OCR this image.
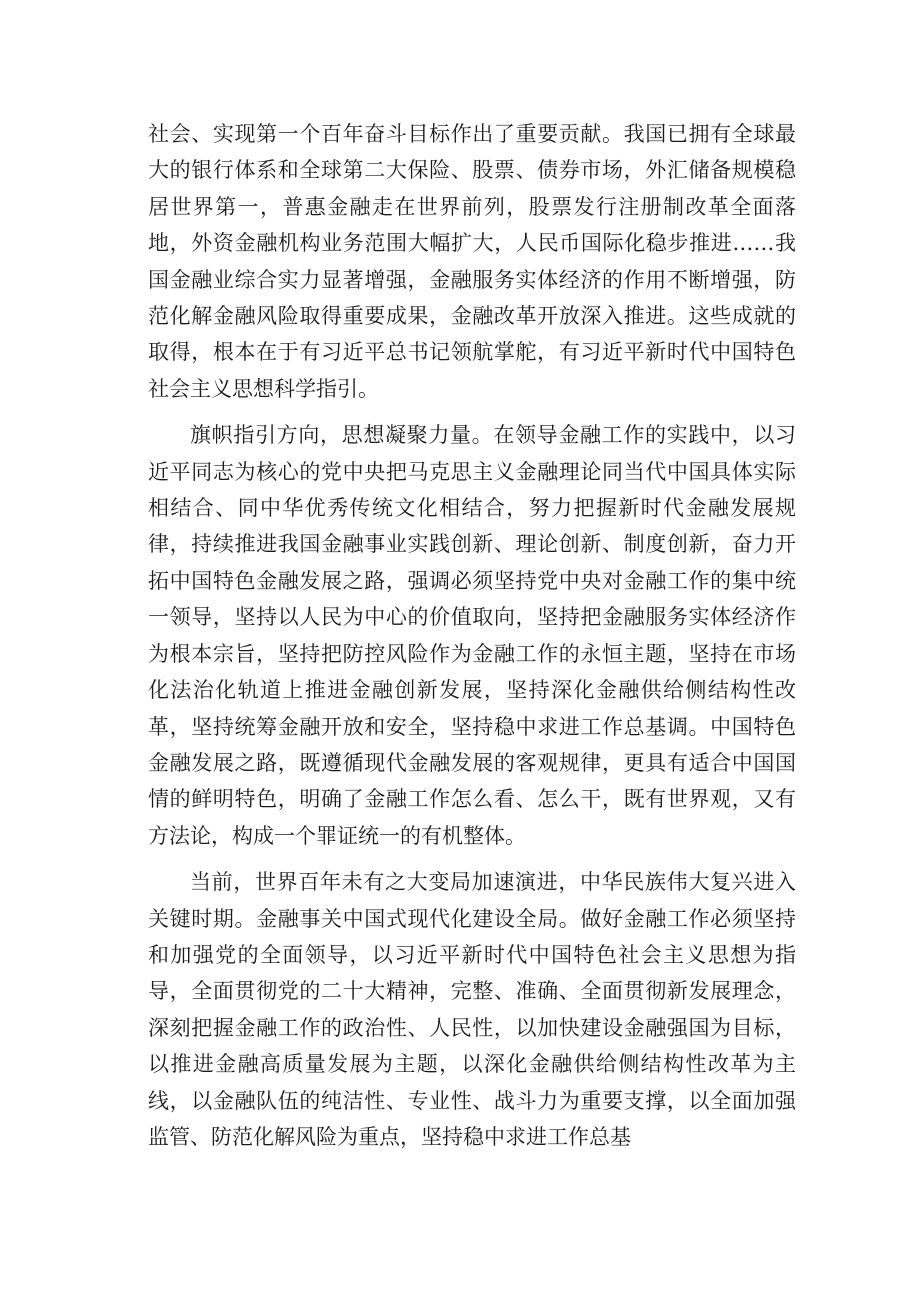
社会、实现第一个百年奋斗目标作出了重要贡献。我国已拥有全球最大的银行体系和全球第二大保险、股票、债券市场，外汇储备规模稳居世界第一，普惠金融走在世界前列，股票发行注册制改革全面落地，外资金融机构业务范围大幅扩大，人民币国际化稳步推进……我国金融业综合实力显著增强，金融服务实体经济的作用不断增强，防范化解金融风险取得重要成果，金融改革开放深入推进。这些成就的取得，根本在于有习近平总书记领航掌舵，有习近平新时代中国特色社会主义思想科学指引。

旗帜指引方向，思想凝聚力量。在领导金融工作的实践中，以习近平同志为核心的党中央把马克思主义金融理论同当代中国具体实际相结合、同中华优秀传统文化相结合，努力把握新时代金融发展规律，持续推进我国金融事业实践创新、理论创新、制度创新，奋力开拓中国特色金融发展之路，强调必须坚持党中央对金融工作的集中统一领导，坚持以人民为中心的价值取向，坚持把金融服务实体经济作为根本宗旨，坚持把防控风险作为金融工作的永恒主题，坚持在市场化法治化轨道上推进金融创新发展，坚持深化金融供给侧结构性改革，坚持统筹金融开放和安全，坚持稳中求进工作总基调。中国特色金融发展之路，既遵循现代金融发展的客观规律，更具有适合中国国情的鲜明特色，明确了金融工作怎么看、怎么干，既有世界观，又有方法论，构成一个罪证统一的有机整体。

当前，世界百年未有之大变局加速演进，中华民族伟大复兴进入关键时期。金融事关中国式现代化建设全局。做好金融工作必须坚持和加强党的全面领导，以习近平新时代中国特色社会主义思想为指导，全面贯彻党的二十大精神，完整、准确、全面贯彻新发展理念，深刻把握金融工作的政治性、人民性，以加快建设金融强国为目标，以推进金融高质量发展为主题，以深化金融供给侧结构性改革为主线，以金融队伍的纯洁性、专业性、战斗力为重要支撑，以全面加强监管、防范化解风险为重点，坚持稳中求进工作总基
